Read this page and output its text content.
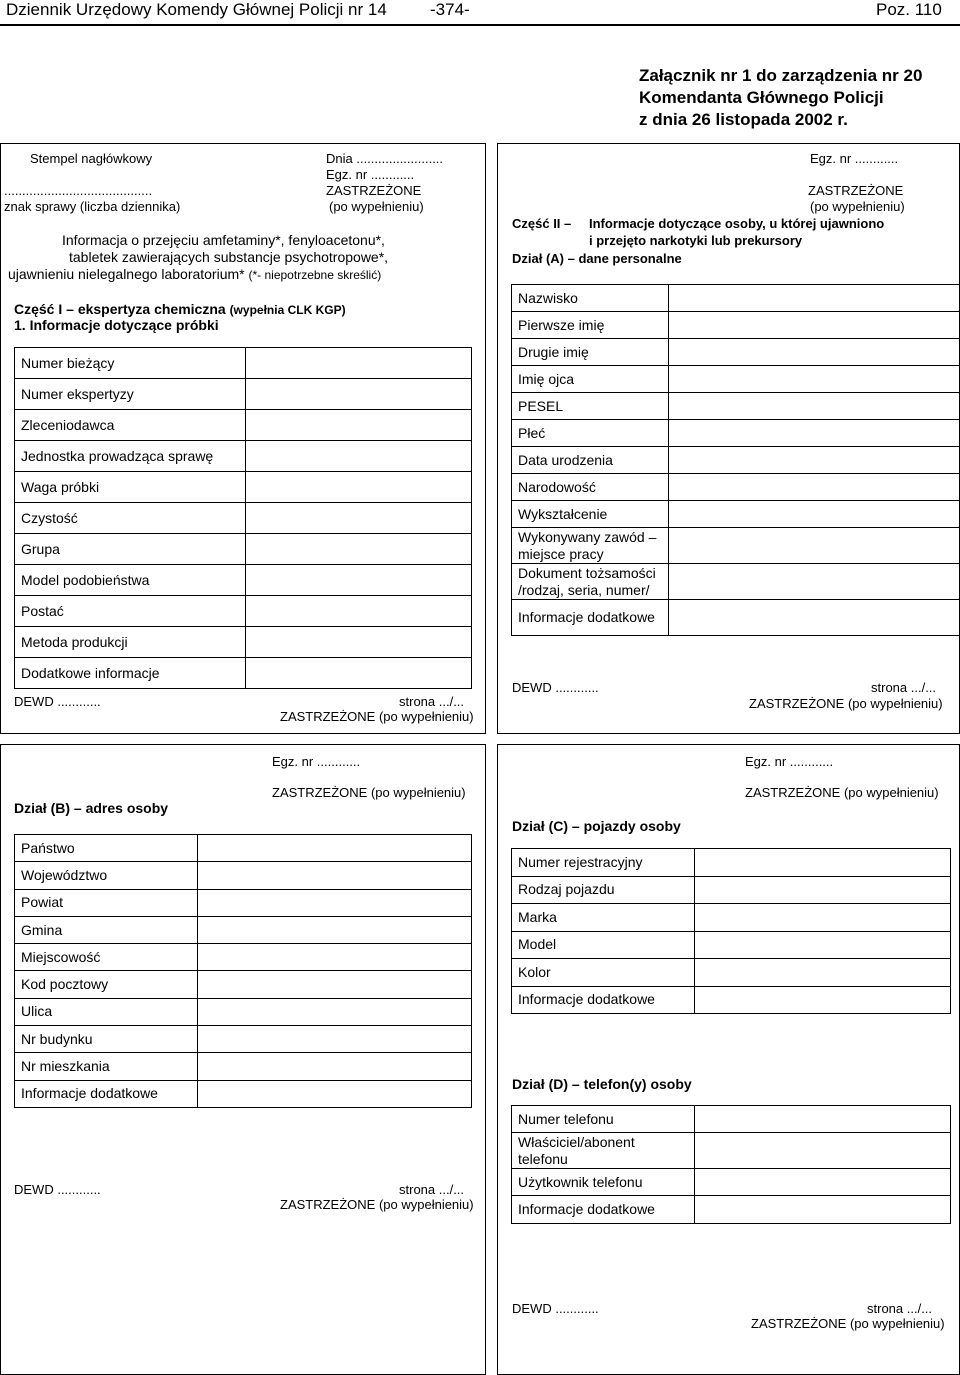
Dziennik Urzędowy Komendy Głównej Policji nr 14	-374-	Poz. 110
Załącznik nr 1 do zarządzenia nr 20
Komendanta Głównego Policji
z dnia 26 listopada 2002 r.
Stempel nagłówkowy	Dnia ........................
Egz. nr ............
.........................................	ZASTRZEŻONE
znak sprawy (liczba dziennika)	(po wypełnieniu)
Informacja o przejęciu amfetaminy*, fenyloacetonu*,
tabletek zawierających substancje psychotropowe*,
ujawnieniu nielegalnego laboratorium* (*- niepotrzebne skreślić)
Część I – ekspertyza chemiczna (wypełnia CLK KGP)
1. Informacje dotyczące próbki
Numer bieżący	
Numer ekspertyzy	
Zleceniodawca	
Jednostka prowadząca sprawę	
Waga próbki	
Czystość	
Grupa	
Model podobieństwa	
Postać	
Metoda produkcji	
Dodatkowe informacje	
DEWD ............	strona .../...
ZASTRZEŻONE (po wypełnieniu)
Egz. nr ............
ZASTRZEŻONE
(po wypełnieniu)
Część II – Informacje dotyczące osoby, u której ujawniono
i przejęto narkotyki lub prekursory
Dział (A) – dane personalne
Nazwisko	
Pierwsze imię	
Drugie imię	
Imię ojca	
PESEL	
Płeć	
Data urodzenia	
Narodowość	
Wykształcenie	
Wykonywany zawód –
miejsce pracy	
Dokument tożsamości
/rodzaj, seria, numer/	
Informacje dodatkowe	
DEWD ............	strona .../...
ZASTRZEŻONE (po wypełnieniu)
Egz. nr ............
ZASTRZEŻONE (po wypełnieniu)
Dział (B) – adres osoby
Państwo	
Województwo	
Powiat	
Gmina	
Miejscowość	
Kod pocztowy	
Ulica	
Nr budynku	
Nr mieszkania	
Informacje dodatkowe	
DEWD ............	strona .../...
ZASTRZEŻONE (po wypełnieniu)
Egz. nr ............
ZASTRZEŻONE (po wypełnieniu)
Dział (C) – pojazdy osoby
Numer rejestracyjny	
Rodzaj pojazdu	
Marka	
Model	
Kolor	
Informacje dodatkowe	
Dział (D) – telefon(y) osoby
Numer telefonu	
Właściciel/abonent
telefonu	
Użytkownik telefonu	
Informacje dodatkowe	
DEWD ............	strona .../...
ZASTRZEŻONE (po wypełnieniu)
